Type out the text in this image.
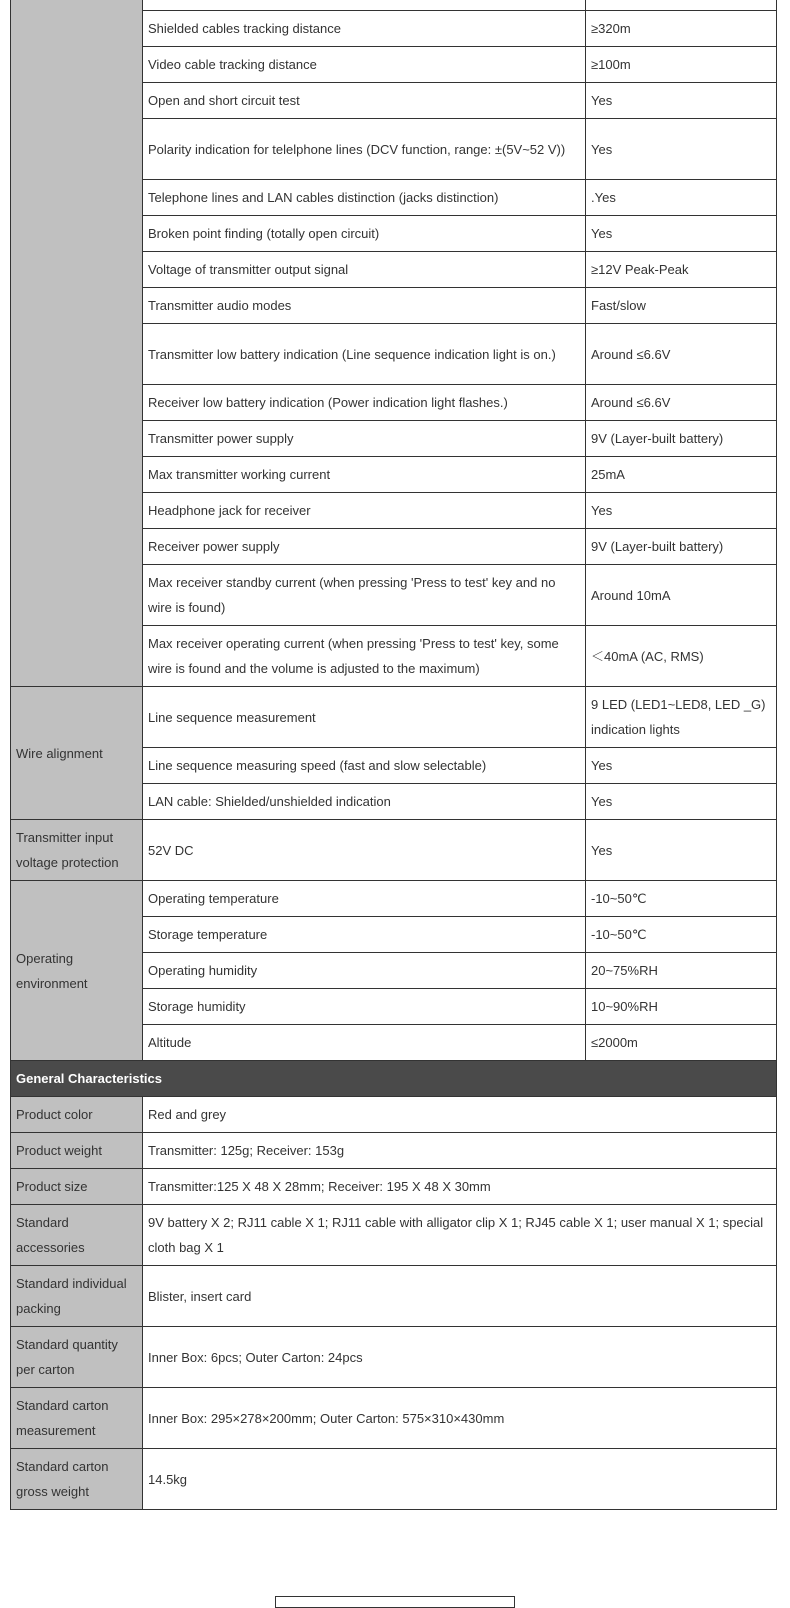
	Shielded cables tracking distance	≥320m
	Video cable tracking distance	≥100m
	Open and short circuit test	Yes
	Polarity indication for telelphone lines (DCV function, range: ±(5V~52 V))	Yes
	Telephone lines and LAN cables distinction (jacks distinction)	.Yes
	Broken point finding (totally open circuit)	Yes
	Voltage of transmitter output signal	≥12V Peak-Peak
	Transmitter audio modes	Fast/slow
	Transmitter low battery indication (Line sequence indication light is on.)	Around ≤6.6V
	Receiver low battery indication (Power indication light flashes.)	Around ≤6.6V
	Transmitter power supply	9V (Layer-built battery)
	Max transmitter working current	25mA
	Headphone jack for receiver	Yes
	Receiver power supply	9V (Layer-built battery)
	Max receiver standby current (when pressing 'Press to test' key and no wire is found)	Around 10mA
	Max receiver operating current (when pressing 'Press to test' key, some wire is found and the volume is adjusted to the maximum)	＜40mA (AC, RMS)
Wire alignment	Line sequence measurement	9 LED (LED1~LED8, LED _G) indication lights
	Line sequence measuring speed (fast and slow selectable)	Yes
	LAN cable: Shielded/unshielded indication	Yes
Transmitter input voltage protection	52V DC	Yes
Operating environment	Operating temperature	-10~50℃
	Storage temperature	-10~50℃
	Operating humidity	20~75%RH
	Storage humidity	10~90%RH
	Altitude	≤2000m
General Characteristics		
Product color	Red and grey	
Product weight	Transmitter: 125g; Receiver: 153g	
Product size	Transmitter:125 X 48 X 28mm; Receiver: 195 X 48 X 30mm	
Standard accessories	9V battery X 2; RJ11 cable X 1; RJ11 cable with alligator clip X 1; RJ45 cable X 1; user manual X 1; special cloth bag X 1	
Standard individual packing	Blister, insert card	
Standard quantity per carton	Inner Box: 6pcs; Outer Carton: 24pcs	
Standard carton measurement	Inner Box: 295×278×200mm; Outer Carton: 575×310×430mm	
Standard carton gross weight	14.5kg	
